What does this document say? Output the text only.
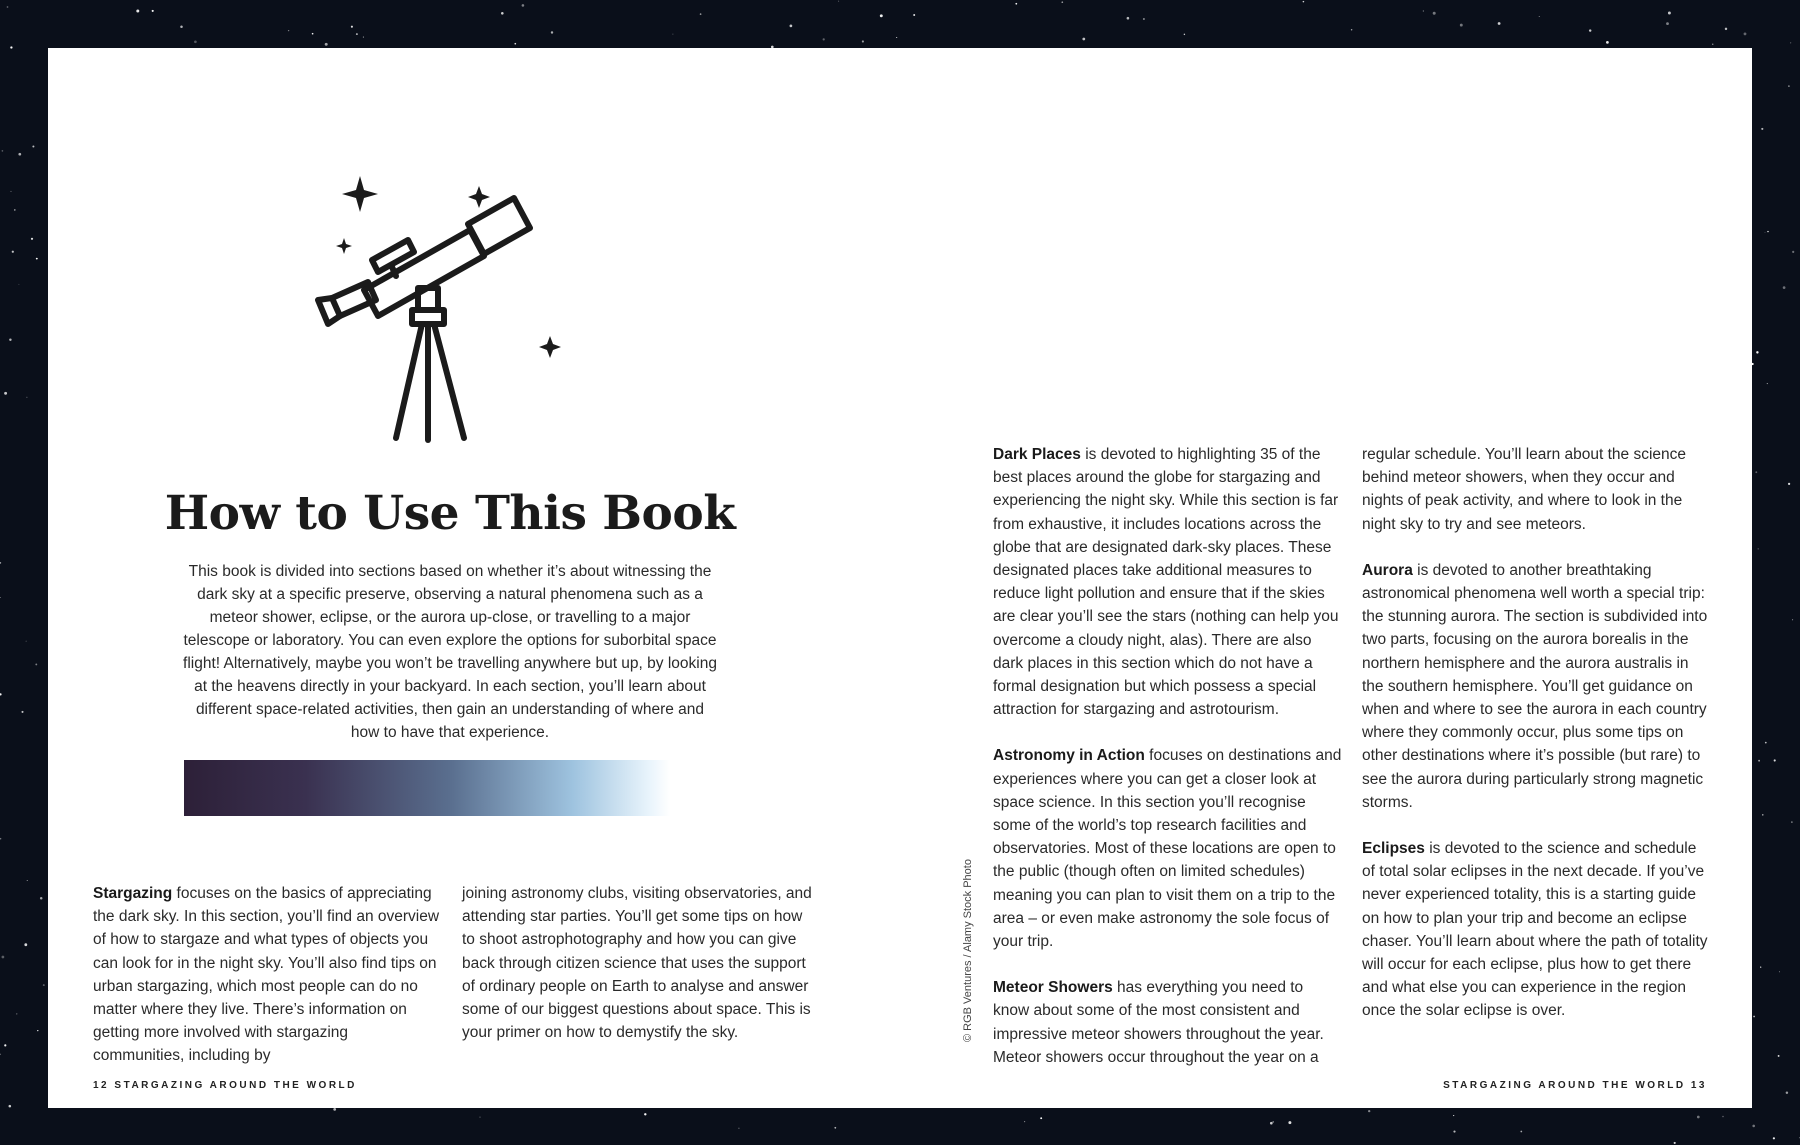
How to Use This Book
This book is divided into sections based on whether it’s about witnessing the dark sky at a specific preserve, observing a natural phenomena such as a meteor shower, eclipse, or the aurora up-close, or travelling to a major telescope or laboratory. You can even explore the options for suborbital space flight! Alternatively, maybe you won’t be travelling anywhere but up, by looking at the heavens directly in your backyard. In each section, you’ll learn about different space-related activities, then gain an understanding of where and how to have that experience.

Stargazing focuses on the basics of appreciating the dark sky. In this section, you’ll find an overview of how to stargaze and what types of objects you can look for in the night sky. You’ll also find tips on urban stargazing, which most people can do no matter where they live. There’s information on getting more involved with stargazing communities, including by

joining astronomy clubs, visiting observatories, and attending star parties. You’ll get some tips on how to shoot astrophotography and how you can give back through citizen science that uses the support of ordinary people on Earth to analyse and answer some of our biggest questions about space. This is your primer on how to demystify the sky.

Dark Places is devoted to highlighting 35 of the best places around the globe for stargazing and experiencing the night sky. While this section is far from exhaustive, it includes locations across the globe that are designated dark-sky places. These designated places take additional measures to reduce light pollution and ensure that if the skies are clear you’ll see the stars (nothing can help you overcome a cloudy night, alas). There are also dark places in this section which do not have a formal designation but which possess a special attraction for stargazing and astrotourism.

Astronomy in Action focuses on destinations and experiences where you can get a closer look at space science. In this section you’ll recognise some of the world’s top research facilities and observatories. Most of these locations are open to the public (though often on limited schedules) meaning you can plan to visit them on a trip to the area – or even make astronomy the sole focus of your trip.

Meteor Showers has everything you need to know about some of the most consistent and impressive meteor showers throughout the year. Meteor showers occur throughout the year on a

regular schedule. You’ll learn about the science behind meteor showers, when they occur and nights of peak activity, and where to look in the night sky to try and see meteors.

Aurora is devoted to another breathtaking astronomical phenomena well worth a special trip: the stunning aurora. The section is subdivided into two parts, focusing on the aurora borealis in the northern hemisphere and the aurora australis in the southern hemisphere. You’ll get guidance on when and where to see the aurora in each country where they commonly occur, plus some tips on other destinations where it’s possible (but rare) to see the aurora during particularly strong magnetic storms.

Eclipses is devoted to the science and schedule of total solar eclipses in the next decade. If you’ve never experienced totality, this is a starting guide on how to plan your trip and become an eclipse chaser. You’ll learn about where the path of totality will occur for each eclipse, plus how to get there and what else you can experience in the region once the solar eclipse is over.

© RGB Ventures / Alamy Stock Photo
12 STARGAZING AROUND THE WORLD	STARGAZING AROUND THE WORLD 13
